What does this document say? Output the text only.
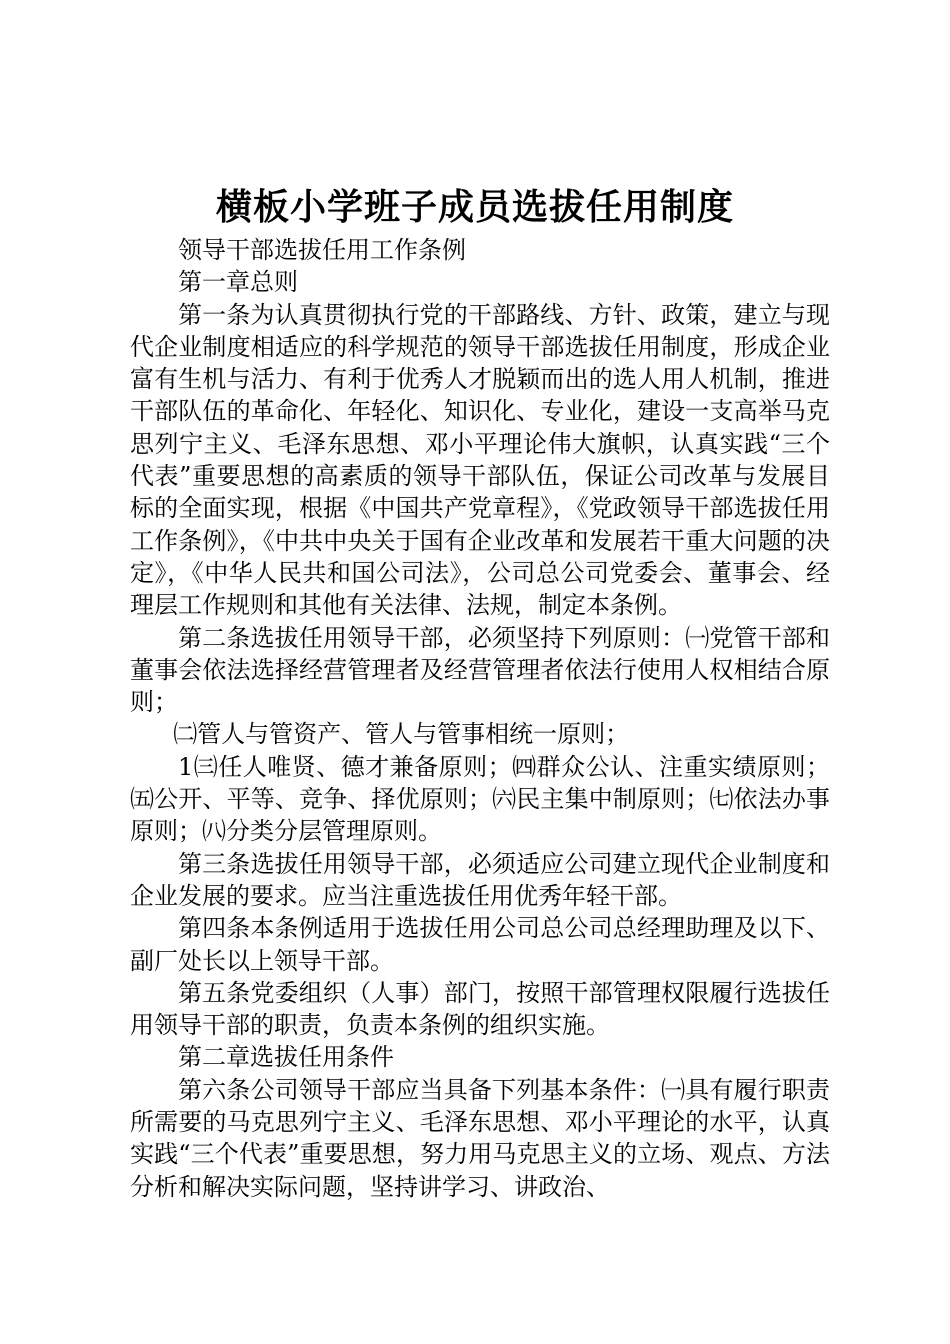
横板小学班子成员选拔任用制度

领导干部选拔任用工作条例

第一章总则

第一条为认真贯彻执行党的干部路线、方针、政策，建立与现代企业制度相适应的科学规范的领导干部选拔任用制度，形成企业富有生机与活力、有利于优秀人才脱颖而出的选人用人机制，推进干部队伍的革命化、年轻化、知识化、专业化，建设一支高举马克思列宁主义、毛泽东思想、邓小平理论伟大旗帜，认真实践“三个代表”重要思想的高素质的领导干部队伍，保证公司改革与发展目标的全面实现，根据《中国共产党章程》，《党政领导干部选拔任用工作条例》，《中共中央关于国有企业改革和发展若干重大问题的决定》，《中华人民共和国公司法》，公司总公司党委会、董事会、经理层工作规则和其他有关法律、法规，制定本条例。

第二条选拔任用领导干部，必须坚持下列原则：㈠党管干部和董事会依法选择经营管理者及经营管理者依法行使用人权相结合原则；

㈡管人与管资产、管人与管事相统一原则；

1㈢任人唯贤、德才兼备原则；㈣群众公认、注重实绩原则；㈤公开、平等、竞争、择优原则；㈥民主集中制原则；㈦依法办事原则；㈧分类分层管理原则。

第三条选拔任用领导干部，必须适应公司建立现代企业制度和企业发展的要求。应当注重选拔任用优秀年轻干部。

第四条本条例适用于选拔任用公司总公司总经理助理及以下、副厂处长以上领导干部。

第五条党委组织（人事）部门，按照干部管理权限履行选拔任用领导干部的职责，负责本条例的组织实施。

第二章选拔任用条件

第六条公司领导干部应当具备下列基本条件：㈠具有履行职责所需要的马克思列宁主义、毛泽东思想、邓小平理论的水平，认真实践“三个代表”重要思想，努力用马克思主义的立场、观点、方法分析和解决实际问题，坚持讲学习、讲政治、
